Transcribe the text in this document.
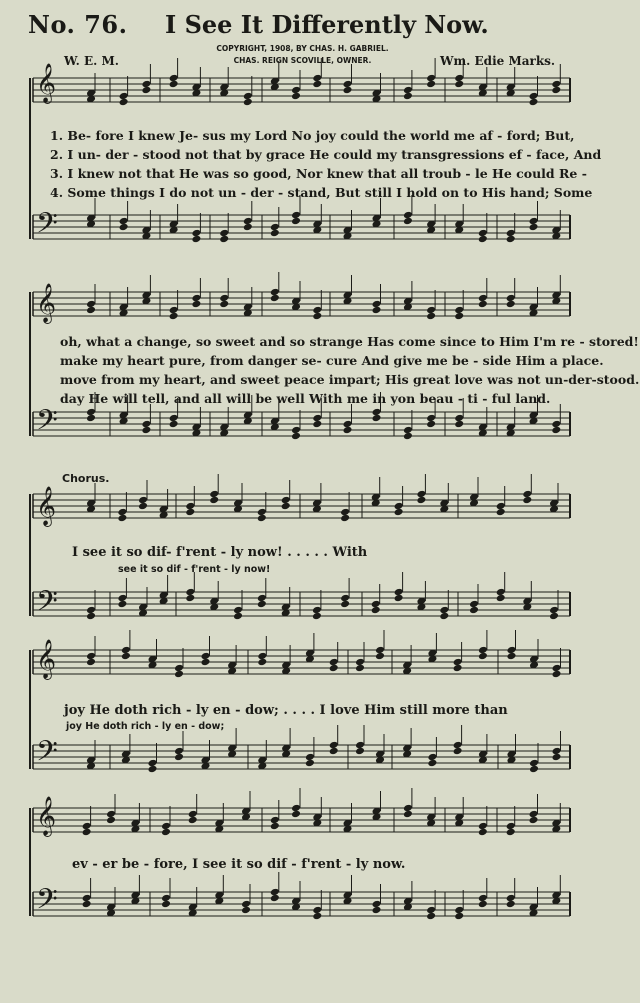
No. 76. I See It Differently Now.
COPYRIGHT, 1908, BY CHAS. H. GABRIEL.
CHAS. REIGN SCOVILLE, OWNER.
W. E. M.	Wm. Edie Marks.
𝄞
𝄢
𝄞
𝄢
𝄞
𝄢
𝄞
𝄢
𝄞
𝄢
1. Be- fore I knew Je- sus my Lord No joy could the world me af - ford; But,
2. I un- der - stood not that by grace He could my transgressions ef - face, And
3. I knew not that He was so good, Nor knew that all troub - le He could Re -
4. Some things I do not un - der - stand, But still I hold on to His hand; Some
oh, what a change, so sweet and so strange Has come since to Him I'm re - stored!
make my heart pure, from danger se- cure And give me be - side Him a place.
move from my heart, and sweet peace impart; His great love was not un-der-stood.
day He will tell, and all will be well With me in yon beau - ti - ful land.
Chorus.
I see it so dif- f'rent - ly now! . . . . . With
see it so dif - f'rent - ly now!
joy He doth rich - ly en - dow; . . . . I love Him still more than
joy He doth rich - ly en - dow;
ev - er be - fore, I see it so dif - f'rent - ly now.
